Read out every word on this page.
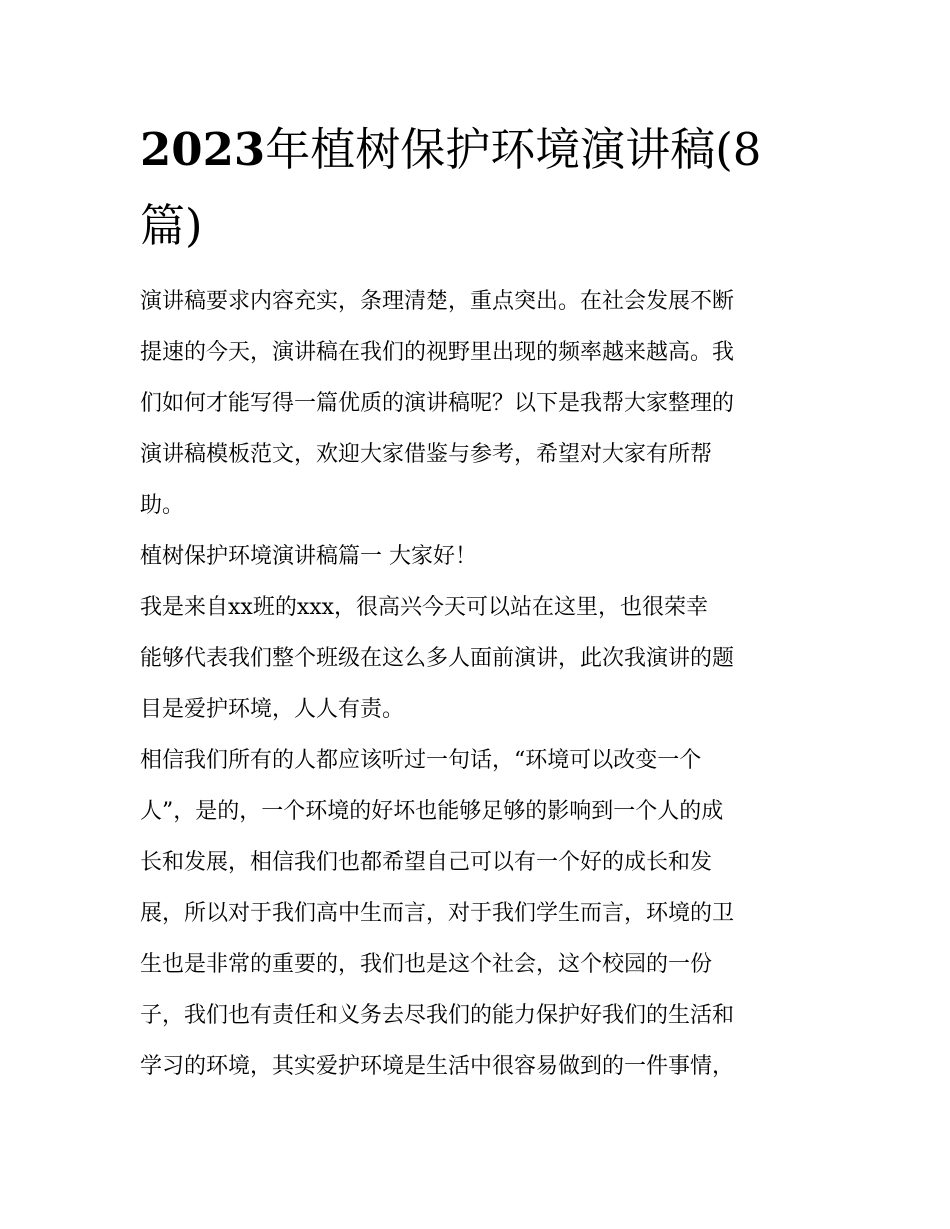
2023年植树保护环境演讲稿(8
篇)

演讲稿要求内容充实，条理清楚，重点突出。在社会发展不断
提速的今天，演讲稿在我们的视野里出现的频率越来越高。我
们如何才能写得一篇优质的演讲稿呢？以下是我帮大家整理的
演讲稿模板范文，欢迎大家借鉴与参考，希望对大家有所帮
助。

植树保护环境演讲稿篇一 大家好！

我是来自xx班的xxx，很高兴今天可以站在这里，也很荣幸
能够代表我们整个班级在这么多人面前演讲，此次我演讲的题
目是爱护环境，人人有责。

相信我们所有的人都应该听过一句话，“环境可以改变一个
人”，是的，一个环境的好坏也能够足够的影响到一个人的成
长和发展，相信我们也都希望自己可以有一个好的成长和发
展，所以对于我们高中生而言，对于我们学生而言，环境的卫
生也是非常的重要的，我们也是这个社会，这个校园的一份
子，我们也有责任和义务去尽我们的能力保护好我们的生活和
学习的环境，其实爱护环境是生活中很容易做到的一件事情，
